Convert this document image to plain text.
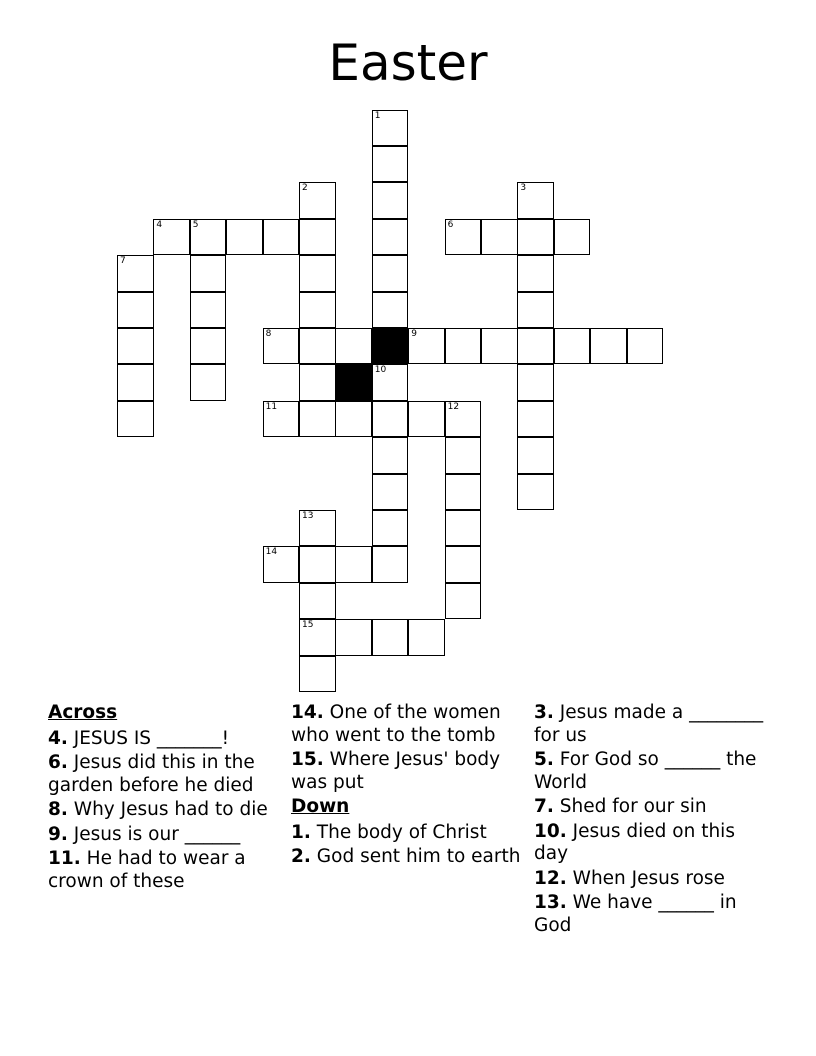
Easter
1
2	3
4	5	6
7
8	9
10
11	12
13
14
15
Across
4. JESUS IS _______!
6. Jesus did this in the garden before he died
8. Why Jesus had to die
9. Jesus is our ______
11. He had to wear a crown of these
14. One of the women who went to the tomb
15. Where Jesus' body was put
Down
1. The body of Christ
2. God sent him to earth
3. Jesus made a ________ for us
5. For God so ______ the World
7. Shed for our sin
10. Jesus died on this day
12. When Jesus rose
13. We have ______ in God
